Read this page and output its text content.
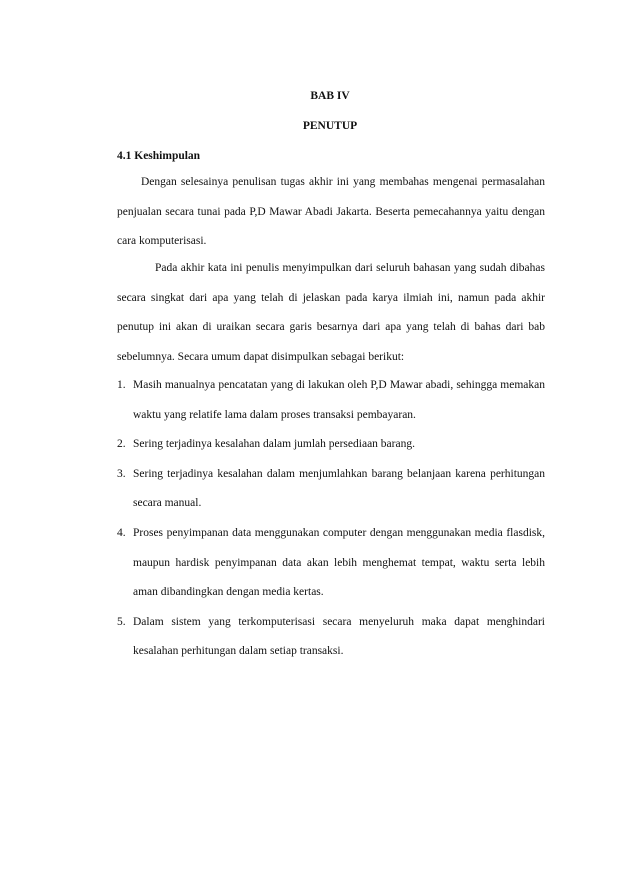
BAB IV
PENUTUP
4.1 Keshimpulan

Dengan selesainya penulisan tugas akhir ini yang membahas mengenai permasalahan penjualan secara tunai pada P,D Mawar Abadi Jakarta. Beserta pemecahannya yaitu dengan cara komputerisasi.

Pada akhir kata ini penulis menyimpulkan dari seluruh bahasan yang sudah dibahas secara singkat dari apa yang telah di jelaskan pada karya ilmiah ini, namun pada akhir penutup ini akan di uraikan secara garis besarnya dari apa yang telah di bahas dari bab sebelumnya. Secara umum dapat disimpulkan sebagai berikut:

1. Masih manualnya pencatatan yang di lakukan oleh P,D Mawar abadi, sehingga memakan waktu yang relatife lama dalam proses transaksi pembayaran.
2. Sering terjadinya kesalahan dalam jumlah persediaan barang.
3. Sering terjadinya kesalahan dalam menjumlahkan barang belanjaan karena perhitungan secara manual.
4. Proses penyimpanan data menggunakan computer dengan menggunakan media flasdisk, maupun hardisk penyimpanan data akan lebih menghemat tempat, waktu serta lebih aman dibandingkan dengan media kertas.
5. Dalam sistem yang terkomputerisasi secara menyeluruh maka dapat menghindari kesalahan perhitungan dalam setiap transaksi.
